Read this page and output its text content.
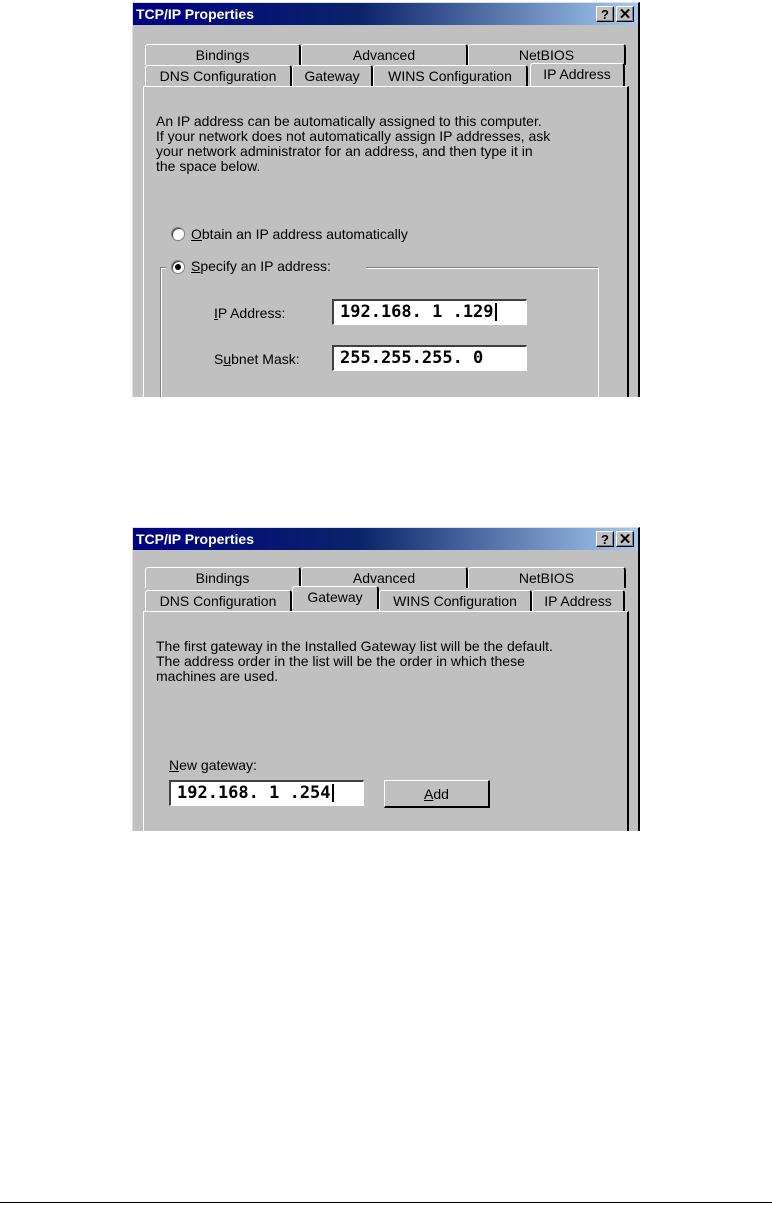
TCP/IP Properties	? ✕
Bindings	Advanced	NetBIOS
DNS Configuration	Gateway	WINS Configuration	IP Address
An IP address can be automatically assigned to this computer.
If your network does not automatically assign IP addresses, ask
your network administrator for an address, and then type it in
the space below.
Obtain an IP address automatically
Specify an IP address:
IP Address:	192.168. 1 .129
Subnet Mask:	255.255.255. 0
TCP/IP Properties	? ✕
Bindings	Advanced	NetBIOS
DNS Configuration	Gateway	WINS Configuration	IP Address
The first gateway in the Installed Gateway list will be the default.
The address order in the list will be the order in which these
machines are used.
New gateway:
192.168. 1 .254	Add
